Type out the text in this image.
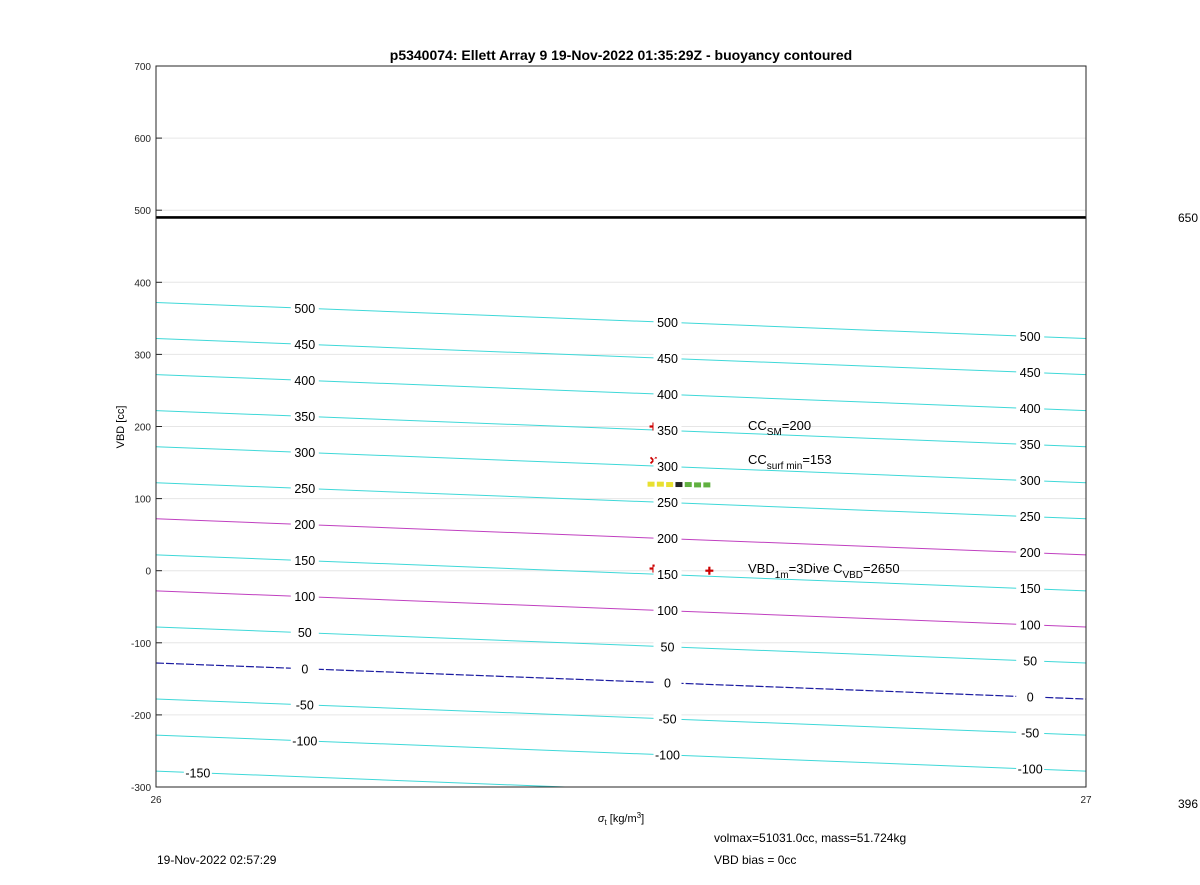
500
500
500
450
450
450
400
400
400
350
350
350
300
300
300
250
250
250
200
200
200
150
150
150
100
100
100
50
50
50
0
0
0
-50
-50
-50
-100
-100
-100
-150
-300
-200
-100
0
100
200
300
400
500
600
700
26	27
p5340074: Ellett Array 9 19-Nov-2022 01:35:29Z - buoyancy contoured
VBD [cc]
$\sigma_t$ $[kg/m^3]$
$CC_{SM}=200$
$CC_{surf min}=153$
$VBD_{1m}=3Dive$ $C_{VBD}=2650$
650
396
19-Nov-2022 02:57:29
volmax=51031.0cc, mass=51.724kg
VBD bias = 0cc
